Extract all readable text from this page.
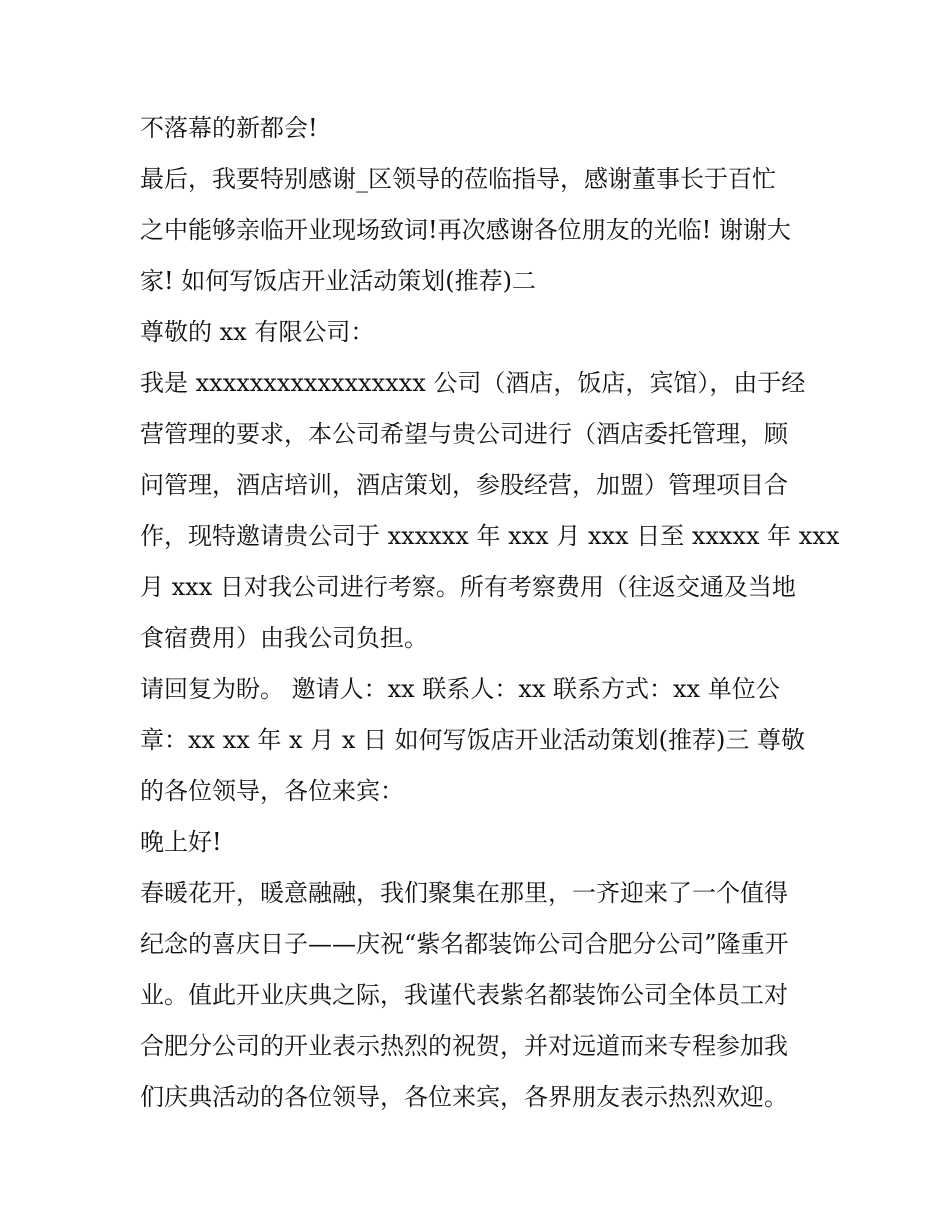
不落幕的新都会!
最后，我要特别感谢_区领导的莅临指导，感谢董事长于百忙
之中能够亲临开业现场致词!再次感谢各位朋友的光临! 谢谢大
家! 如何写饭店开业活动策划(推荐)二
尊敬的 xx 有限公司：
我是 xxxxxxxxxxxxxxxxx 公司（酒店，饭店，宾馆），由于经
营管理的要求，本公司希望与贵公司进行（酒店委托管理，顾
问管理，酒店培训，酒店策划，参股经营，加盟）管理项目合
作，现特邀请贵公司于 xxxxxx 年 xxx 月 xxx 日至 xxxxx 年 xxx
月 xxx 日对我公司进行考察。所有考察费用（往返交通及当地
食宿费用）由我公司负担。
请回复为盼。 邀请人：xx 联系人：xx 联系方式：xx 单位公
章：xx xx 年 x 月 x 日 如何写饭店开业活动策划(推荐)三 尊敬
的各位领导，各位来宾：
晚上好!
春暖花开，暖意融融，我们聚集在那里，一齐迎来了一个值得
纪念的喜庆日子——庆祝“紫名都装饰公司合肥分公司”隆重开
业。值此开业庆典之际，我谨代表紫名都装饰公司全体员工对
合肥分公司的开业表示热烈的祝贺，并对远道而来专程参加我
们庆典活动的各位领导，各位来宾，各界朋友表示热烈欢迎。
